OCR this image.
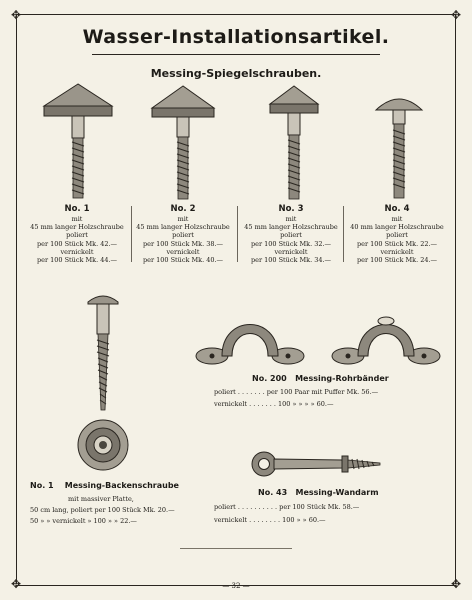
✥	✥
✥	✥
Wasser-Installationsartikel.
Messing-Spiegelschrauben.
No. 1
mit
45 mm langer Holzschraube
poliert
per 100 Stück Mk. 42.—
vernickelt
per 100 Stück Mk. 44.—
No. 2
mit
45 mm langer Holzschraube
poliert
per 100 Stück Mk. 38.—
vernickelt
per 100 Stück Mk. 40.—
No. 3
mit
45 mm langer Holzschraube
poliert
per 100 Stück Mk. 32.—
vernickelt
per 100 Stück Mk. 34.—
No. 4
mit
40 mm langer Holzschraube
poliert
per 100 Stück Mk. 22.—
vernickelt
per 100 Stück Mk. 24.—
No. 1 Messing-Backenschraube
mit massiver Platte,
50 cm lang, poliert per 100 Stück Mk. 20.—
50 » » vernickelt » 100 » » 22.—
No. 200 Messing-Rohrbänder
poliert . . . . . . . per 100 Paar mit Puffer Mk. 56.—
vernickelt . . . . . . . 100 » » » » 60.—
No. 43 Messing-Wandarm
poliert . . . . . . . . . . per 100 Stück Mk. 58.—
vernickelt . . . . . . . . 100 » » 60.—
— 32 —
